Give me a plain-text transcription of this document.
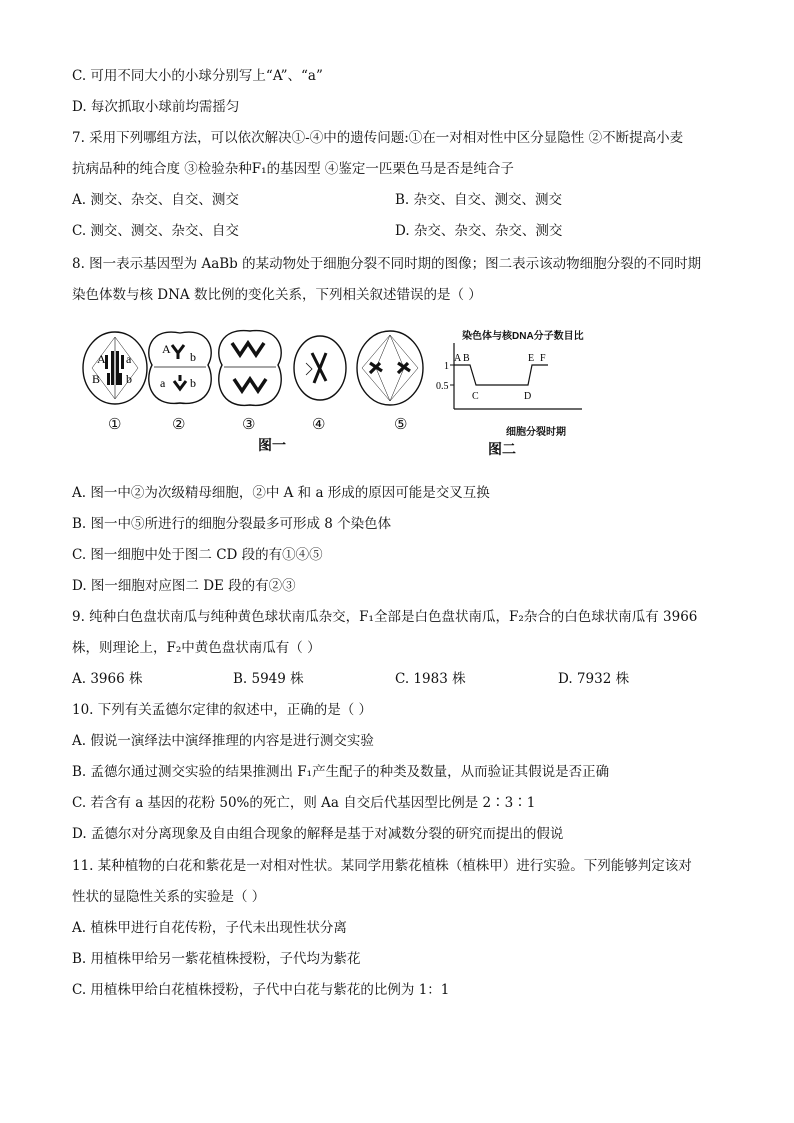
C. 可用不同大小的小球分别写上“A”、“a”
D. 每次抓取小球前均需摇匀
7. 采用下列哪组方法，可以依次解决①-④中的遗传问题:①在一对相对性中区分显隐性 ②不断提高小麦
抗病品种的纯合度 ③检验杂种F₁的基因型 ④鉴定一匹栗色马是否是纯合子
A. 测交、杂交、自交、测交	B. 杂交、自交、测交、测交
C. 测交、测交、杂交、自交	D. 杂交、杂交、杂交、测交
8. 图一表示基因型为 AaBb 的某动物处于细胞分裂不同时期的图像；图二表示该动物细胞分裂的不同时期
染色体数与核 DNA 数比例的变化关系，下列相关叙述错误的是（ ）
A a
B b
A
b
a b
①	②	③	④	⑤
图一
染色体与核DNA分子数目比
1
0.5
A B
C	D
E F
细胞分裂时期
图二
A. 图一中②为次级精母细胞，②中 A 和 a 形成的原因可能是交叉互换
B. 图一中⑤所进行的细胞分裂最多可形成 8 个染色体
C. 图一细胞中处于图二 CD 段的有①④⑤
D. 图一细胞对应图二 DE 段的有②③
9. 纯种白色盘状南瓜与纯种黄色球状南瓜杂交，F₁全部是白色盘状南瓜，F₂杂合的白色球状南瓜有 3966
株，则理论上，F₂中黄色盘状南瓜有（ ）
A. 3966 株	B. 5949 株	C. 1983 株	D. 7932 株
10. 下列有关孟德尔定律的叙述中，正确的是（ ）
A. 假说一演绎法中演绎推理的内容是进行测交实验
B. 孟德尔通过测交实验的结果推测出 F₁产生配子的种类及数量，从而验证其假说是否正确
C. 若含有 a 基因的花粉 50%的死亡，则 Aa 自交后代基因型比例是 2∶3∶1
D. 孟德尔对分离现象及自由组合现象的解释是基于对减数分裂的研究而提出的假说
11. 某种植物的白花和紫花是一对相对性状。某同学用紫花植株（植株甲）进行实验。下列能够判定该对
性状的显隐性关系的实验是（ ）
A. 植株甲进行自花传粉，子代未出现性状分离
B. 用植株甲给另一紫花植株授粉，子代均为紫花
C. 用植株甲给白花植株授粉，子代中白花与紫花的比例为 1：1
